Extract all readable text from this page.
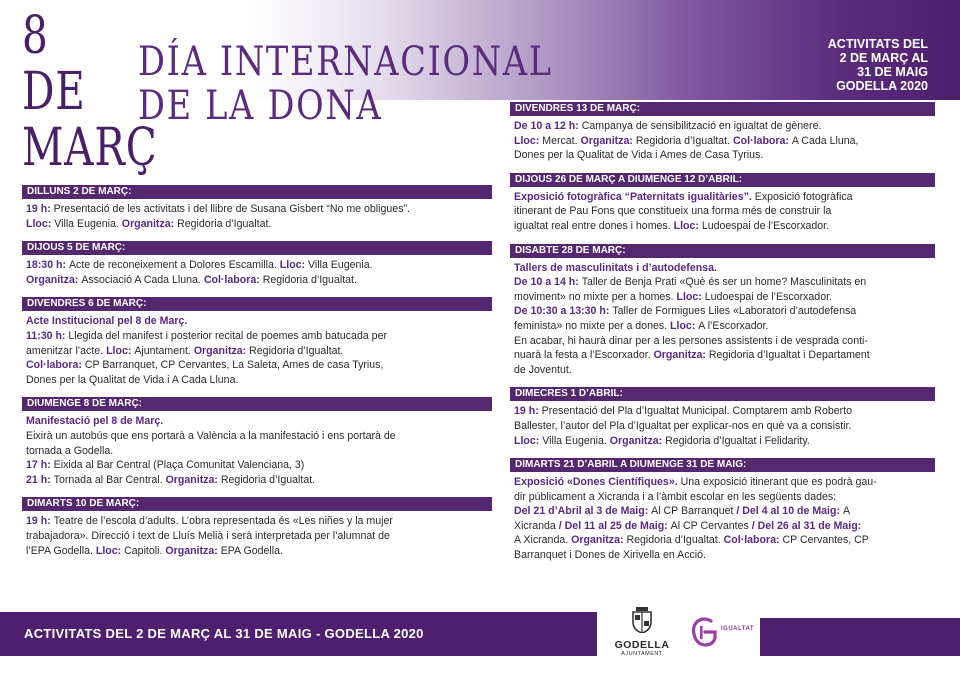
8 DE
MARÇ
DÍA INTERNACIONAL
DE LA DONA
ACTIVITATS DEL
2 DE MARÇ AL
31 DE MAIG
GODELLA 2020
DILLUNS 2 DE MARÇ:

19 h: Presentació de les activitats i del llibre de Susana Gisbert “No me obligues”.

Lloc: Villa Eugenia. Organitza: Regidoria d’Igualtat.

DIJOUS 5 DE MARÇ:

18:30 h: Acte de reconeixement a Dolores Escamilla. Lloc: Villa Eugenia.

Organitza: Associació A Cada Lluna. Col·labora: Regidoria d’Igualtat.

DIVENDRES 6 DE MARÇ:

Acte Institucional pel 8 de Març.

11:30 h: Llegida del manifest i posterior recital de poemes amb batucada per

amenitzar l’acte. Lloc: Ajuntament. Organitza: Regidoria d’Igualtat.

Col·labora: CP Barranquet, CP Cervantes, La Saleta, Ames de casa Tyrius,

Dones per la Qualitat de Vida i A Cada Lluna.

DIUMENGE 8 DE MARÇ:

Manifestació pel 8 de Març.

Eixirà un autobús que ens portarà a València a la manifestació i ens portarà de

tornada a Godella.

17 h: Eixida al Bar Central (Plaça Comunitat Valenciana, 3)

21 h: Tornada al Bar Central. Organitza: Regidoria d’Igualtat.

DIMARTS 10 DE MARÇ:

19 h: Teatre de l’escola d’adults. L’obra representada és «Les niñes y la mujer

trabajadora». Direcció i text de Lluís Melià i serà interpretada per l’alumnat de

l’EPA Godella. Lloc: Capitoli. Organitza: EPA Godella.

DIVENDRES 13 DE MARÇ:

De 10 a 12 h: Campanya de sensibilització en igualtat de gènere.

Lloc: Mercat. Organitza: Regidoria d’Igualtat. Col·labora: A Cada Lluna,

Dones per la Qualitat de Vida i Ames de Casa Tyrius.

DIJOUS 26 DE MARÇ A DIUMENGE 12 D’ABRIL:

Exposició fotogràfica “Paternitats igualitàries”. Exposició fotogràfica

itinerant de Pau Fons que constitueix una forma més de construir la

igualtat real entre dones i homes. Lloc: Ludoespai de l’Escorxador.

DISABTE 28 DE MARÇ:

Tallers de masculinitats i d’autodefensa.

De 10 a 14 h: Taller de Benja Prati «Què és ser un home? Masculinitats en

moviment» no mixte per a homes. Lloc: Ludoespai de l’Escorxador.

De 10:30 a 13:30 h: Taller de Formigues Liles «Laboratori d’autodefensa

feminista» no mixte per a dones. Lloc: A l’Escorxador.

En acabar, hi haurà dinar per a les persones assistents i de vesprada conti-

nuarà la festa a l’Escorxador. Organitza: Regidoria d’Igualtat i Departament

de Joventut.

DIMECRES 1 D’ABRIL:

19 h: Presentació del Pla d’Igualtat Municipal. Comptarem amb Roberto

Ballester, l’autor del Pla d’Igualtat per explicar-nos en què va a consistir.

Lloc: Villa Eugenia. Organitza: Regidoria d’Igualtat i Felidarity.

DIMARTS 21 D’ABRIL A DIUMENGE 31 DE MAIG:

Exposició «Dones Científiques». Una exposició itinerant que es podrà gau-

dir públicament a Xicranda i a l’àmbit escolar en les següents dades:

Del 21 d’Abril al 3 de Maig: Al CP Barranquet / Del 4 al 10 de Maig: A

Xicranda / Del 11 al 25 de Maig: Al CP Cervantes / Del 26 al 31 de Maig:

A Xicranda. Organitza: Regidoria d’Igualtat. Col·labora: CP Cervantes, CP

Barranquet i Dones de Xirivella en Acció.

ACTIVITATS DEL 2 DE MARÇ AL 31 DE MAIG - GODELLA 2020
GODELLA
AJUNTAMENT
IGUALTAT
